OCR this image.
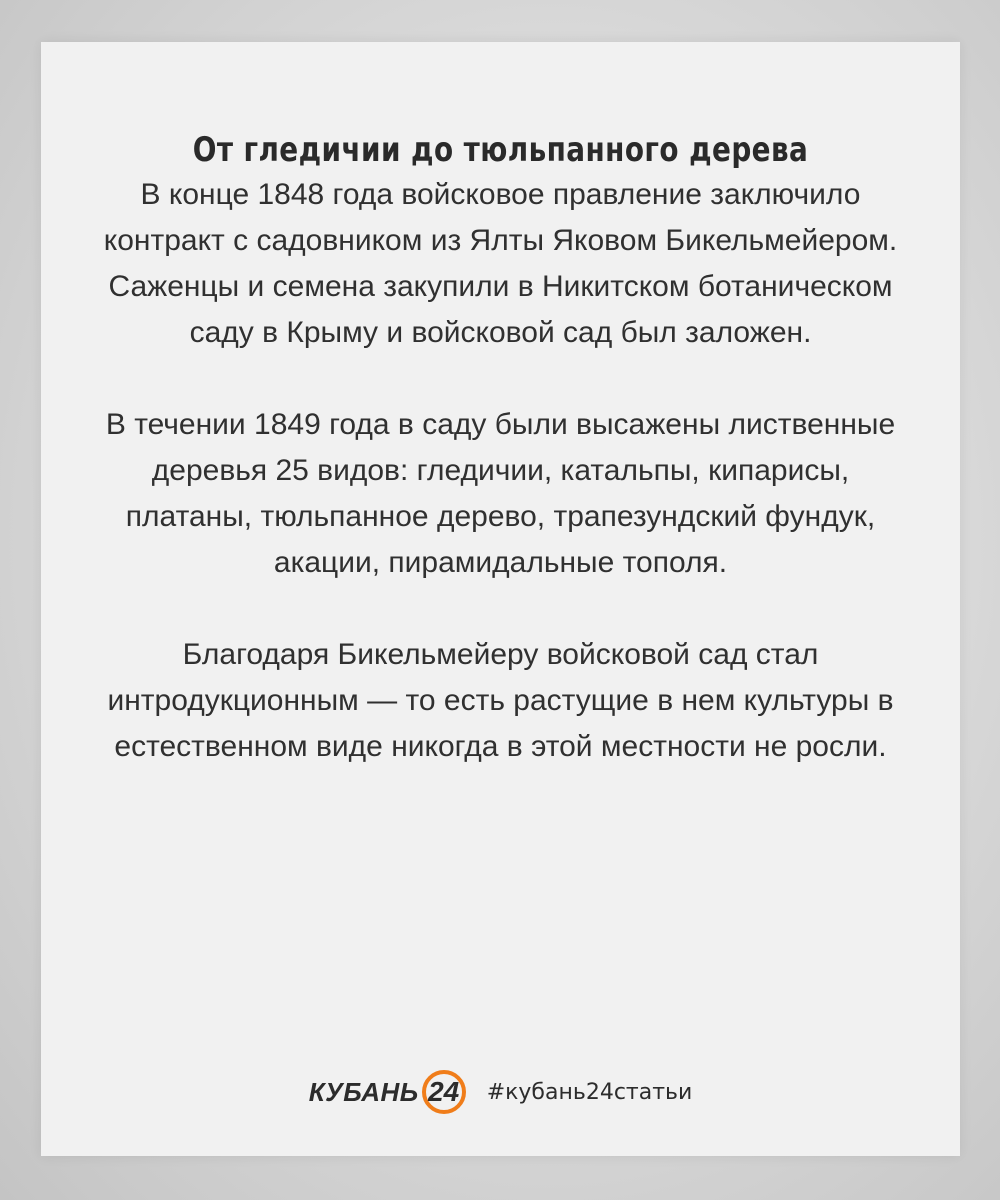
От гледичии до тюльпанного дерева

В конце 1848 года войсковое правление заключило
контракт с садовником из Ялты Яковом Бикельмейером.
Саженцы и семена закупили в Никитском ботаническом
саду в Крыму и войсковой сад был заложен.

В течении 1849 года в саду были высажены лиственные
деревья 25 видов: гледичии, катальпы, кипарисы,
платаны, тюльпанное дерево, трапезундский фундук,
акации, пирамидальные тополя.

Благодаря Бикельмейеру войсковой сад стал
интродукционным — то есть растущие в нем культуры в
естественном виде никогда в этой местности не росли.

КУБАНЬ 24	#кубань24статьи
